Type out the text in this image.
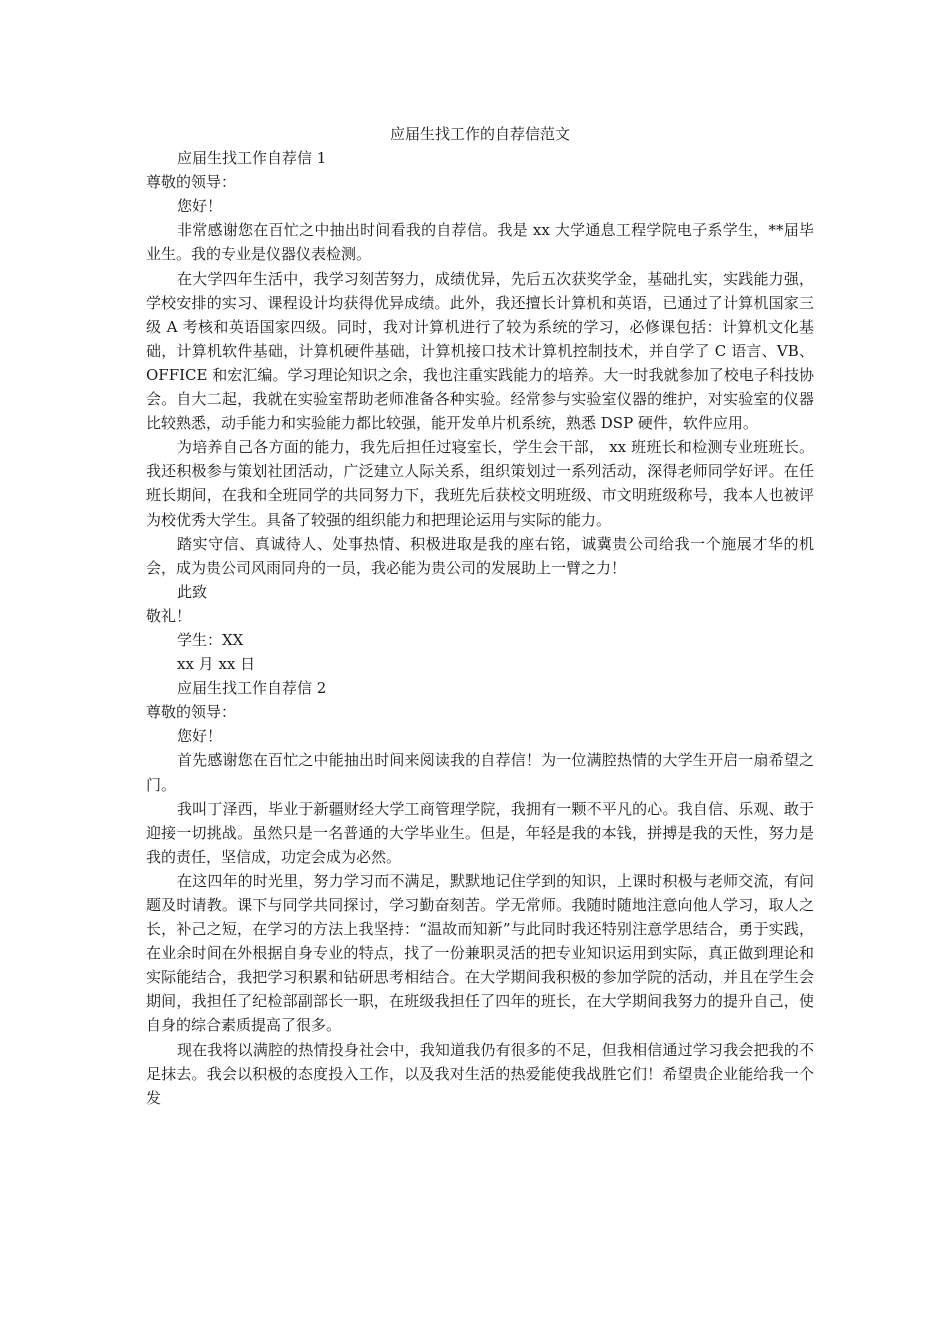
应届生找工作的自荐信范文

应届生找工作自荐信 1

尊敬的领导：

您好！

非常感谢您在百忙之中抽出时间看我的自荐信。我是 xx 大学通息工程学院电子系学生，**届毕业生。我的专业是仪器仪表检测。

在大学四年生活中，我学习刻苦努力，成绩优异，先后五次获奖学金，基础扎实，实践能力强，学校安排的实习、课程设计均获得优异成绩。此外，我还擅长计算机和英语，已通过了计算机国家三级 A 考核和英语国家四级。同时，我对计算机进行了较为系统的学习，必修课包括：计算机文化基础，计算机软件基础，计算机硬件基础，计算机接口技术计算机控制技术，并自学了 C 语言、VB、OFFICE 和宏汇编。学习理论知识之余，我也注重实践能力的培养。大一时我就参加了校电子科技协会。自大二起，我就在实验室帮助老师准备各种实验。经常参与实验室仪器的维护，对实验室的仪器比较熟悉，动手能力和实验能力都比较强，能开发单片机系统，熟悉 DSP 硬件，软件应用。

为培养自己各方面的能力，我先后担任过寝室长，学生会干部， xx 班班长和检测专业班班长。我还积极参与策划社团活动，广泛建立人际关系，组织策划过一系列活动，深得老师同学好评。在任班长期间，在我和全班同学的共同努力下，我班先后获校文明班级、市文明班级称号，我本人也被评为校优秀大学生。具备了较强的组织能力和把理论运用与实际的能力。

踏实守信、真诚待人、处事热情、积极进取是我的座右铭，诚冀贵公司给我一个施展才华的机会，成为贵公司风雨同舟的一员，我必能为贵公司的发展助上一臂之力！

此致

敬礼！

学生：XX

xx 月 xx 日

应届生找工作自荐信 2

尊敬的领导：

您好！

首先感谢您在百忙之中能抽出时间来阅读我的自荐信！为一位满腔热情的大学生开启一扇希望之门。

我叫丁泽西，毕业于新疆财经大学工商管理学院，我拥有一颗不平凡的心。我自信、乐观、敢于迎接一切挑战。虽然只是一名普通的大学毕业生。但是，年轻是我的本钱，拼搏是我的天性，努力是我的责任，坚信成，功定会成为必然。

在这四年的时光里，努力学习而不满足，默默地记住学到的知识，上课时积极与老师交流，有问题及时请教。课下与同学共同探讨，学习勤奋刻苦。学无常师。我随时随地注意向他人学习，取人之长，补己之短，在学习的方法上我坚持：“温故而知新”与此同时我还特别注意学思结合，勇于实践，在业余时间在外根据自身专业的特点，找了一份兼职灵活的把专业知识运用到实际，真正做到理论和实际能结合，我把学习积累和钻研思考相结合。在大学期间我积极的参加学院的活动，并且在学生会期间，我担任了纪检部副部长一职，在班级我担任了四年的班长，在大学期间我努力的提升自己，使自身的综合素质提高了很多。

现在我将以满腔的热情投身社会中，我知道我仍有很多的不足，但我相信通过学习我会把我的不足抹去。我会以积极的态度投入工作，以及我对生活的热爱能使我战胜它们！希望贵企业能给我一个发
